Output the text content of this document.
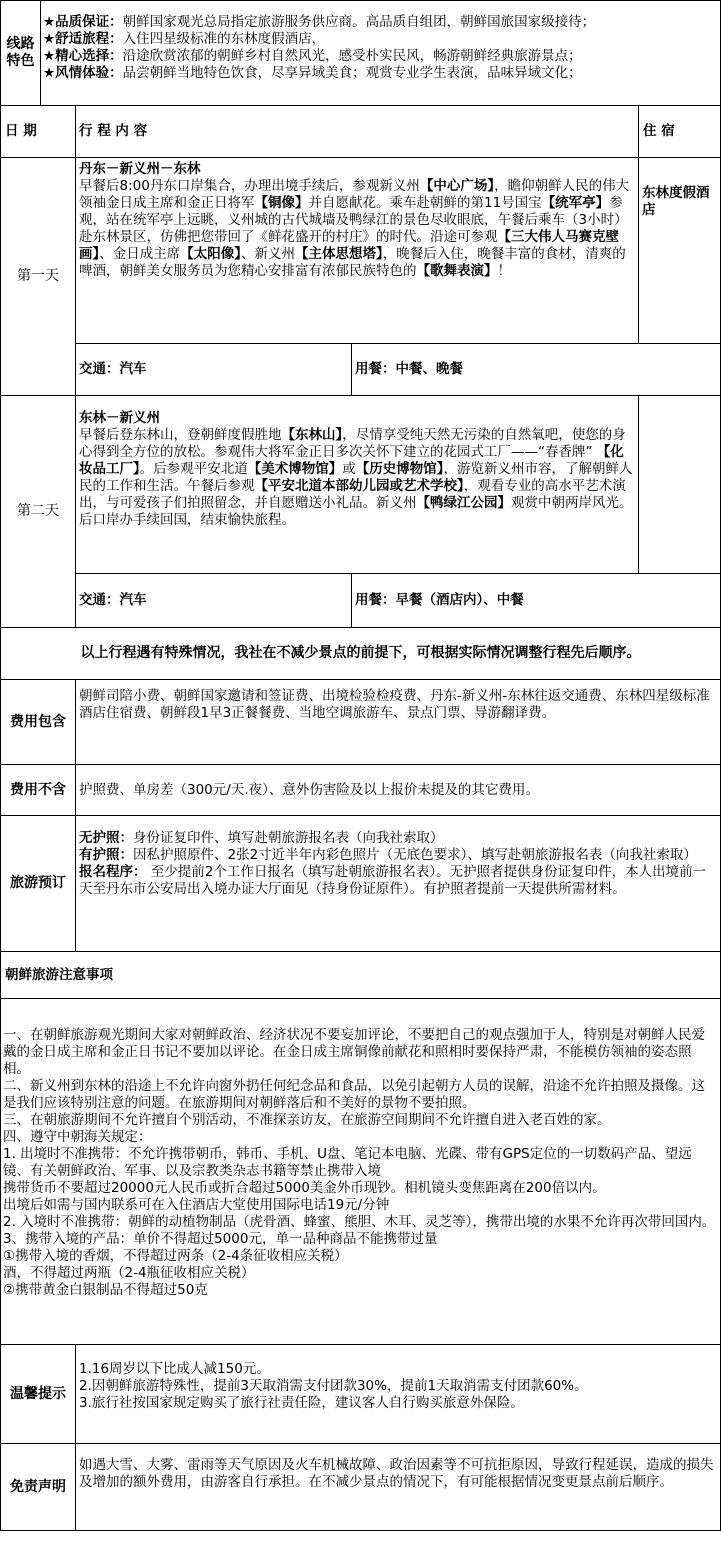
线路特色

★品质保证：朝鲜国家观光总局指定旅游服务供应商。高品质自组团，朝鲜国旅国家级接待；

★舒适旅程：入住四星级标准的东林度假酒店，

★精心选择：沿途欣赏浓郁的朝鲜乡村自然风光，感受朴实民风，畅游朝鲜经典旅游景点；

★风情体验：品尝朝鲜当地特色饮食，尽享异域美食；观赏专业学生表演，品味异域文化；

日 期	行 程 内 容	住 宿
第一天

丹东－新义州－东林

早餐后8:00丹东口岸集合，办理出境手续后，参观新义州【中心广场】，瞻仰朝鲜人民的伟大领袖金日成主席和金正日将军【铜像】并自愿献花。乘车赴朝鲜的第11号国宝【统军亭】参观，站在统军亭上远眺，义州城的古代城墙及鸭绿江的景色尽收眼底，午餐后乘车（3小时）赴东林景区，仿佛把您带回了《鲜花盛开的村庄》的时代。沿途可参观【三大伟人马赛克壁画】、金日成主席【太阳像】、新义州【主体思想塔】，晚餐后入住，晚餐丰富的食材，清爽的啤酒，朝鲜美女服务员为您精心安排富有浓郁民族特色的【歌舞表演】！

东林度假酒店
交通：汽车	用餐：中餐、晚餐
第二天

东林－新义州

早餐后登东林山，登朝鲜度假胜地【东林山】，尽情享受纯天然无污染的自然氧吧，使您的身心得到全方位的放松。参观伟大将军金正日多次关怀下建立的花园式工厂——“春香牌” 【化妆品工厂】。后参观平安北道【美术博物馆】或【历史博物馆】，游览新义州市容，了解朝鲜人民的工作和生活。午餐后参观【平安北道本部幼儿园或艺术学校】，观看专业的高水平艺术演出，与可爱孩子们拍照留念，并自愿赠送小礼品。新义州【鸭绿江公园】观赏中朝两岸风光。后口岸办手续回国，结束愉快旅程。

交通：汽车	用餐：早餐（酒店内）、中餐
以上行程遇有特殊情况，我社在不减少景点的前提下，可根据实际情况调整行程先后顺序。
费用包含
朝鲜司陪小费、朝鲜国家邀请和签证费、出境检验检疫费、丹东-新义州-东林往返交通费、东林四星级标准酒店住宿费、朝鲜段1早3正餐餐费、当地空调旅游车、景点门票、导游翻译费。
费用不含 护照费、单房差（300元/天.夜）、意外伤害险及以上报价未提及的其它费用。
旅游预订

无护照：身份证复印件、填写赴朝旅游报名表（向我社索取）

有护照：因私护照原件、2张2寸近半年内彩色照片（无底色要求）、填写赴朝旅游报名表（向我社索取）

报名程序： 至少提前2个工作日报名（填写赴朝旅游报名表）。无护照者提供身份证复印件，本人出境前一天至丹东市公安局出入境办证大厅面见（持身份证原件）。有护照者提前一天提供所需材料。

朝鲜旅游注意事项

一、在朝鲜旅游观光期间大家对朝鲜政治、经济状况不要妄加评论，不要把自己的观点强加于人，特别是对朝鲜人民爱戴的金日成主席和金正日书记不要加以评论。在金日成主席铜像前献花和照相时要保持严肃，不能模仿领袖的姿态照相。

二、新义州到东林的沿途上不允许向窗外扔任何纪念品和食品，以免引起朝方人员的误解，沿途不允许拍照及摄像。这是我们应该特别注意的问题。在旅游期间对朝鲜落后和不美好的景物不要拍照。

三、在朝旅游期间不允许擅自个别活动，不准探亲访友，在旅游空间期间不允许擅自进入老百姓的家。

四、遵守中朝海关规定：

1. 出境时不准携带：不允许携带朝币，韩币、手机、U盘、笔记本电脑、光碟、带有GPS定位的一切数码产品、望远镜、有关朝鲜政治、军事、以及宗教类杂志书籍等禁止携带入境

携带货币不要超过20000元人民币或折合超过5000美金外币现钞。相机镜头变焦距离在200倍以内。

出境后如需与国内联系可在入住酒店大堂使用国际电话19元/分钟

2. 入境时不准携带：朝鲜的动植物制品（虎骨酒、蜂蜜、熊胆、木耳、灵芝等），携带出境的水果不允许再次带回国内。

3、携带入境的产品：单价不得超过5000元，单一品种商品不能携带过量

①携带入境的香烟，不得超过两条（2-4条征收相应关税）

酒，不得超过两瓶（2-4瓶征收相应关税）

②携带黄金白银制品不得超过50克

温馨提示

1.16周岁以下比成人减150元。

2.因朝鲜旅游特殊性，提前3天取消需支付团款30%，提前1天取消需支付团款60%。

3.旅行社按国家规定购买了旅行社责任险，建议客人自行购买旅意外保险。

免责声明
如遇大雪、大雾、雷雨等天气原因及火车机械故障、政治因素等不可抗拒原因，导致行程延误，造成的损失及增加的额外费用，由游客自行承担。在不减少景点的情况下，有可能根据情况变更景点前后顺序。
